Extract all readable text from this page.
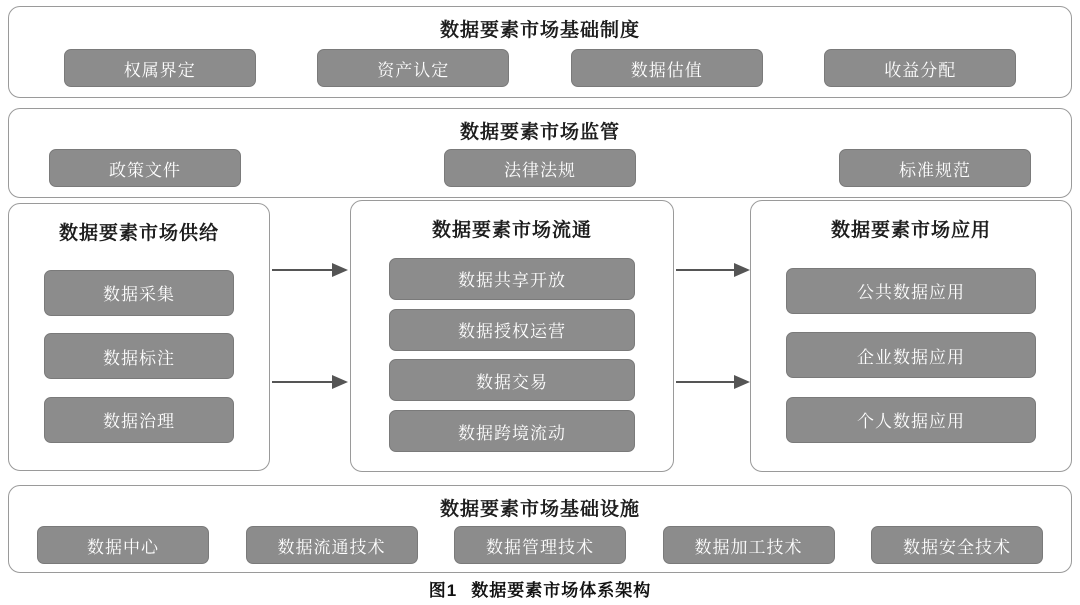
数据要素市场基础制度
权属界定	资产认定	数据估值	收益分配
数据要素市场监管
政策文件	法律法规	标准规范
数据要素市场供给
数据采集
数据标注
数据治理
数据要素市场流通
数据共享开放
数据授权运营
数据交易
数据跨境流动
数据要素市场应用
公共数据应用
企业数据应用
个人数据应用
数据要素市场基础设施
数据中心	数据流通技术	数据管理技术	数据加工技术	数据安全技术
图1 数据要素市场体系架构
